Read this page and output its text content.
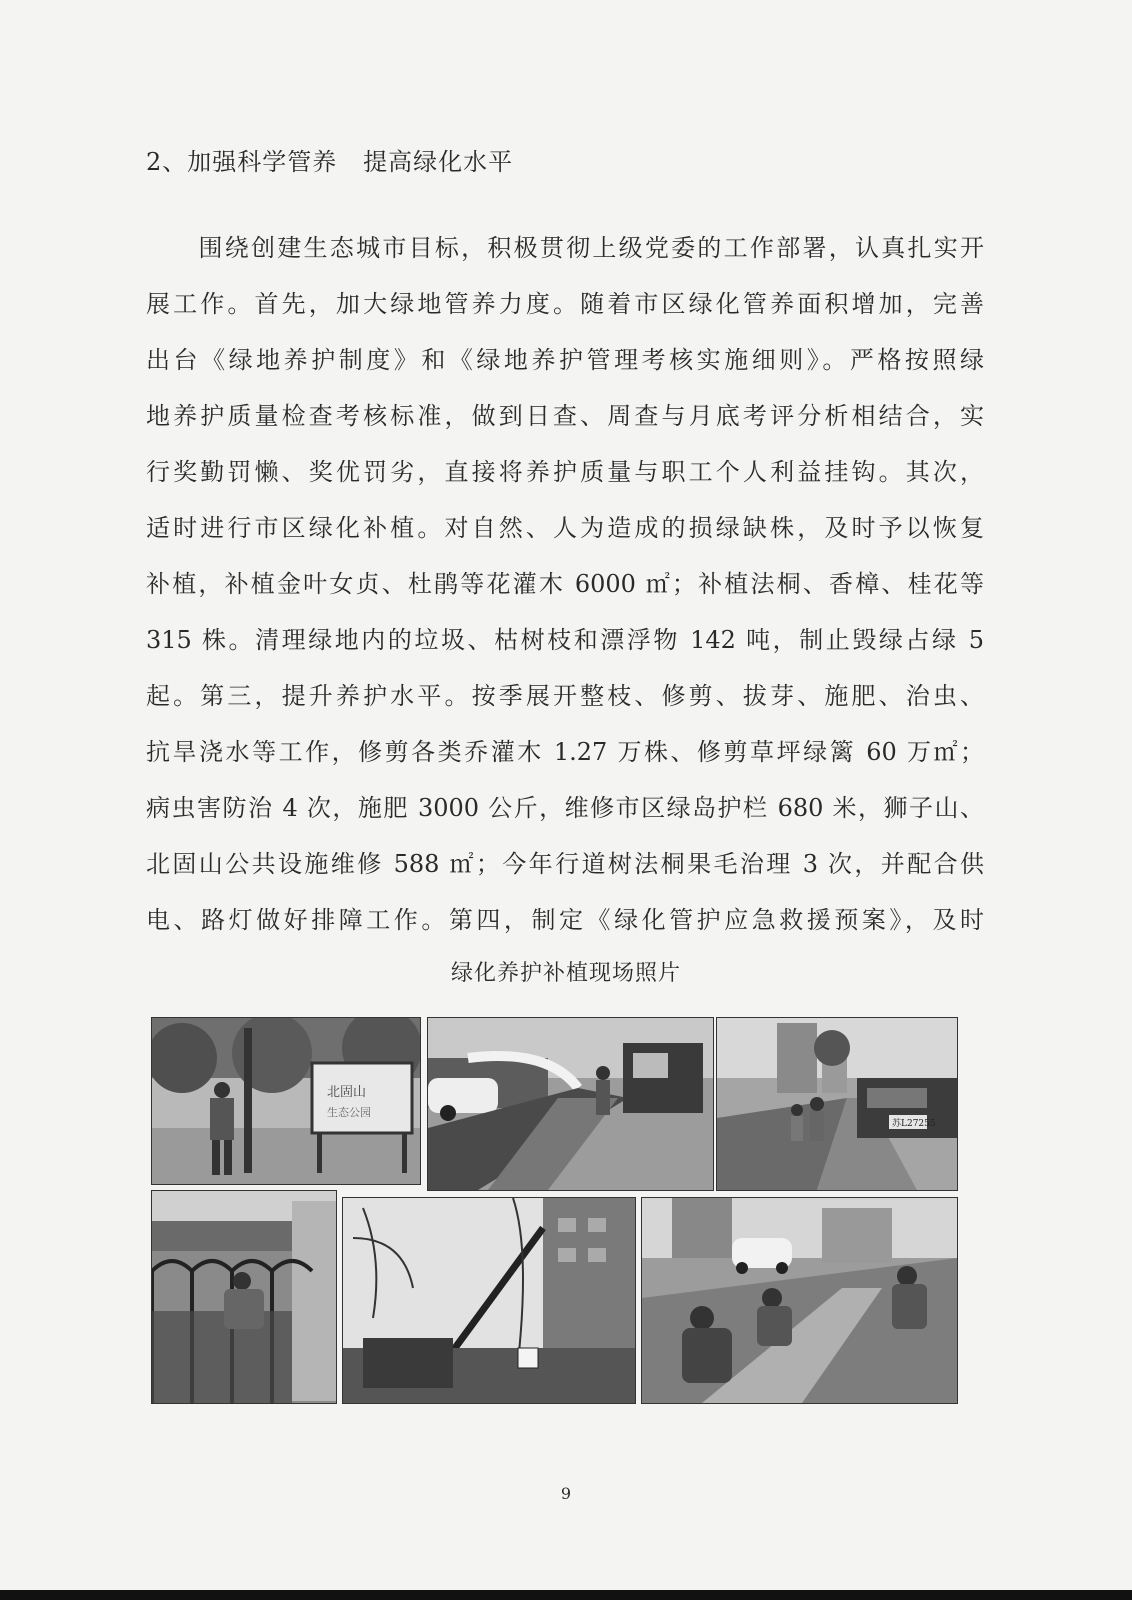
2、加强科学管养   提高绿化水平
　　围绕创建生态城市目标，积极贯彻上级党委的工作部署，认真扎实开
展工作。首先，加大绿地管养力度。随着市区绿化管养面积增加，完善
出台《绿地养护制度》和《绿地养护管理考核实施细则》。严格按照绿
地养护质量检查考核标准，做到日查、周查与月底考评分析相结合，实
行奖勤罚懒、奖优罚劣，直接将养护质量与职工个人利益挂钩。其次，
适时进行市区绿化补植。对自然、人为造成的损绿缺株，及时予以恢复
补植，补植金叶女贞、杜鹃等花灌木 6000 ㎡；补植法桐、香樟、桂花等
315 株。清理绿地内的垃圾、枯树枝和漂浮物 142 吨，制止毁绿占绿 5
起。第三，提升养护水平。按季展开整枝、修剪、拔芽、施肥、治虫、
抗旱浇水等工作，修剪各类乔灌木 1.27 万株、修剪草坪绿篱 60 万㎡；
病虫害防治 4 次，施肥 3000 公斤，维修市区绿岛护栏 680 米，狮子山、
北固山公共设施维修 588 ㎡；今年行道树法桐果毛治理 3 次，并配合供
电、路灯做好排障工作。第四，制定《绿化管护应急救援预案》，及时
绿化养护补植现场照片
北固山
生态公园
苏L27255
9
